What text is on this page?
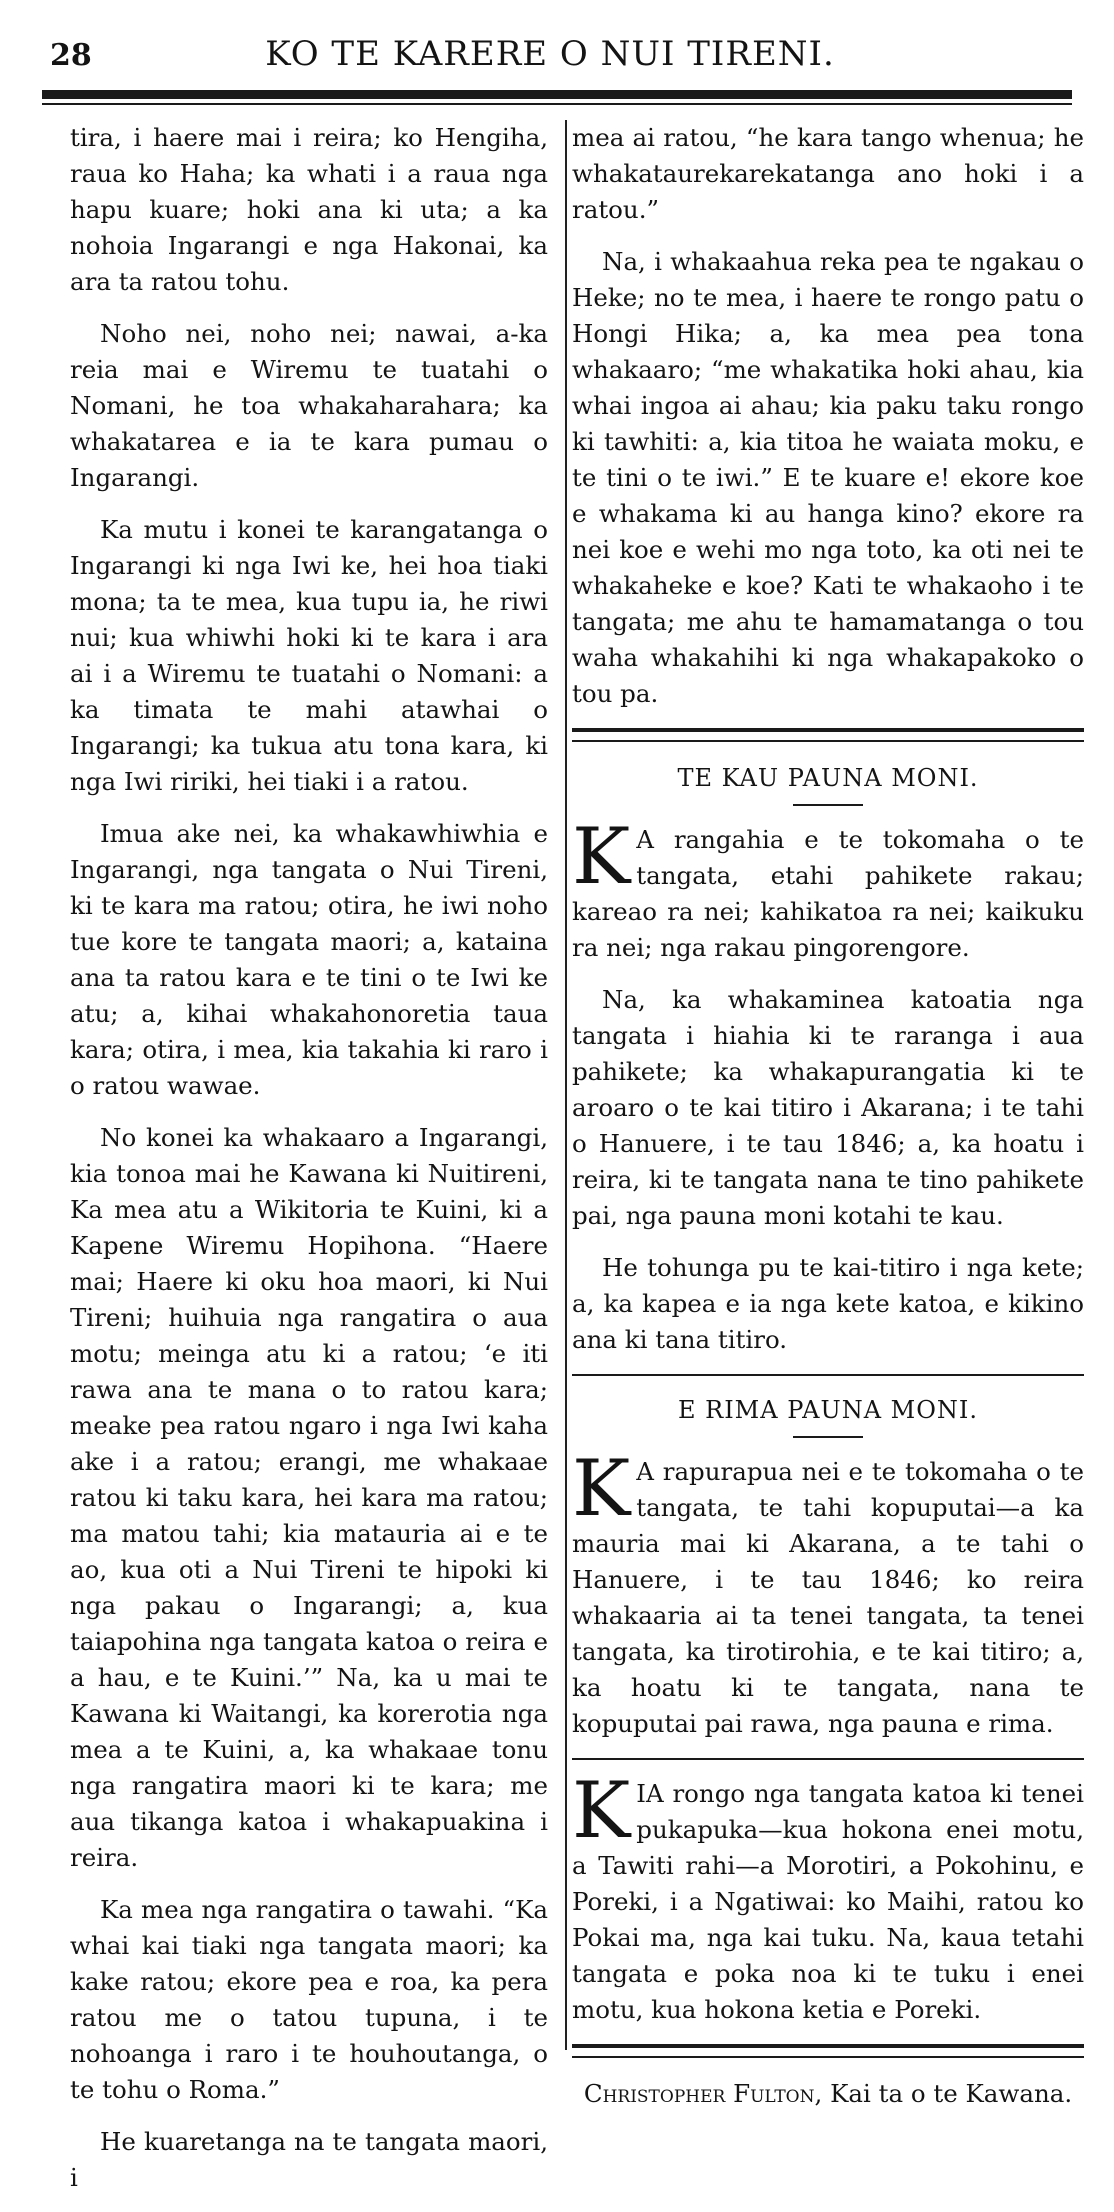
28	KO TE KARERE O NUI TIRENI.

tira, i haere mai i reira; ko Hengiha, raua ko Haha; ka whati i a raua nga hapu kuare; hoki ana ki uta; a ka nohoia Ingarangi e nga Hakonai, ka ara ta ratou tohu.

Noho nei, noho nei; nawai, a-ka reia mai e Wiremu te tuatahi o Nomani, he toa whakaharahara; ka whakatarea e ia te kara pumau o Ingarangi.

Ka mutu i konei te karangatanga o Ingarangi ki nga Iwi ke, hei hoa tiaki mona; ta te mea, kua tupu ia, he riwi nui; kua whiwhi hoki ki te kara i ara ai i a Wiremu te tuatahi o Nomani: a ka timata te mahi atawhai o Ingarangi; ka tukua atu tona kara, ki nga Iwi ririki, hei tiaki i a ratou.

Imua ake nei, ka whakawhiwhia e Ingarangi, nga tangata o Nui Tireni, ki te kara ma ratou; otira, he iwi noho tue kore te tangata maori; a, kataina ana ta ratou kara e te tini o te Iwi ke atu; a, kihai whakahonoretia taua kara; otira, i mea, kia takahia ki raro i o ratou wawae.

No konei ka whakaaro a Ingarangi, kia tonoa mai he Kawana ki Nuitireni, Ka mea atu a Wikitoria te Kuini, ki a Kapene Wiremu Hopihona. “Haere mai; Haere ki oku hoa maori, ki Nui Tireni; huihuia nga rangatira o aua motu; meinga atu ki a ratou; ‘e iti rawa ana te mana o to ratou kara; meake pea ratou ngaro i nga Iwi kaha ake i a ratou; erangi, me whakaae ratou ki taku kara, hei kara ma ratou; ma matou tahi; kia matauria ai e te ao, kua oti a Nui Tireni te hipoki ki nga pakau o Ingarangi; a, kua taiapohina nga tangata katoa o reira e a hau, e te Kuini.’” Na, ka u mai te Kawana ki Waitangi, ka korerotia nga mea a te Kuini, a, ka whakaae tonu nga rangatira maori ki te kara; me aua tikanga katoa i whakapuakina i reira.

Ka mea nga rangatira o tawahi. “Ka whai kai tiaki nga tangata maori; ka kake ratou; ekore pea e roa, ka pera ratou me o tatou tupuna, i te nohoanga i raro i te houhoutanga, o te tohu o Roma.”

He kuaretanga na te tangata maori, i

mea ai ratou, “he kara tango whenua; he whakataurekarekatanga ano hoki i a ratou.”

Na, i whakaahua reka pea te ngakau o Heke; no te mea, i haere te rongo patu o Hongi Hika; a, ka mea pea tona whakaaro; “me whakatika hoki ahau, kia whai ingoa ai ahau; kia paku taku rongo ki tawhiti: a, kia titoa he waiata moku, e te tini o te iwi.” E te kuare e! ekore koe e whakama ki au hanga kino? ekore ra nei koe e wehi mo nga toto, ka oti nei te whakaheke e koe? Kati te whakaoho i te tangata; me ahu te hamamatanga o tou waha whakahihi ki nga whakapakoko o tou pa.

TE KAU PAUNA MONI.

K A rangahia e te tokomaha o te tangata, etahi pahikete rakau; kareao ra nei; kahikatoa ra nei; kaikuku ra nei; nga rakau pingorengore.

Na, ka whakaminea katoatia nga tangata i hiahia ki te raranga i aua pahikete; ka whakapurangatia ki te aroaro o te kai titiro i Akarana; i te tahi o Hanuere, i te tau 1846; a, ka hoatu i reira, ki te tangata nana te tino pahikete pai, nga pauna moni kotahi te kau.

He tohunga pu te kai-titiro i nga kete; a, ka kapea e ia nga kete katoa, e kikino ana ki tana titiro.

E RIMA PAUNA MONI.

K A rapurapua nei e te tokomaha o te tangata, te tahi kopuputai—a ka mauria mai ki Akarana, a te tahi o Hanuere, i te tau 1846; ko reira whakaaria ai ta tenei tangata, ta tenei tangata, ka tirotirohia, e te kai titiro; a, ka hoatu ki te tangata, nana te kopuputai pai rawa, nga pauna e rima.

KIA rongo nga tangata katoa ki tenei pukapuka—kua hokona enei motu, a Tawiti rahi—a Morotiri, a Pokohinu, e Poreki, i a Ngatiwai: ko Maihi, ratou ko Pokai ma, nga kai tuku. Na, kaua tetahi tangata e poka noa ki te tuku i enei motu, kua hokona ketia e Poreki.

Christopher Fulton, Kai ta o te Kawana.
